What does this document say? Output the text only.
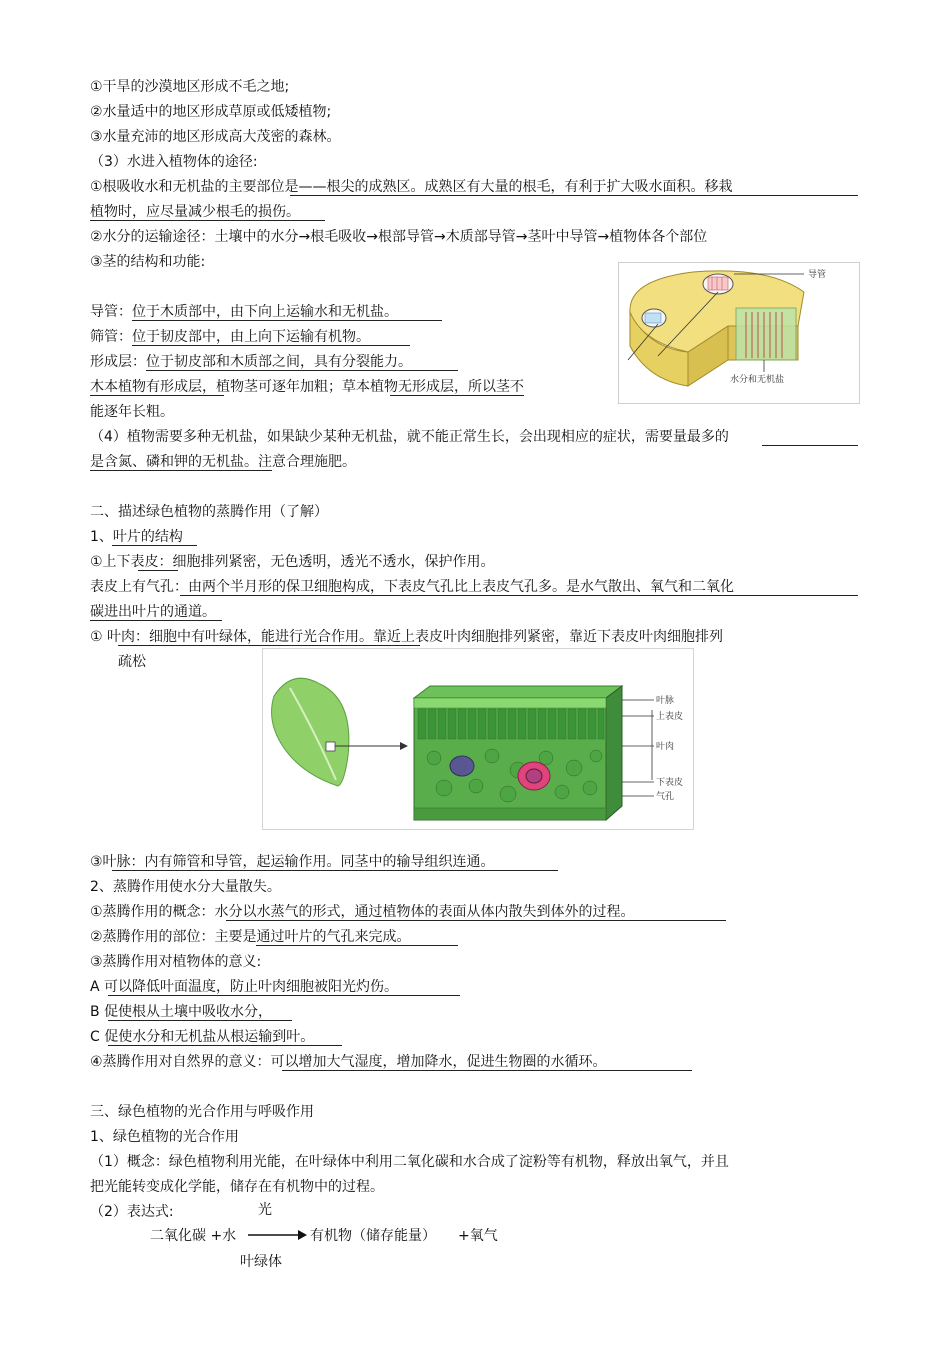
①干旱的沙漠地区形成不毛之地;
②水量适中的地区形成草原或低矮植物;
③水量充沛的地区形成高大茂密的森林。
（3）水进入植物体的途径:
①根吸收水和无机盐的主要部位是——根尖的成熟区。成熟区有大量的根毛，有利于扩大吸水面积。移栽
植物时，应尽量减少根毛的损伤。
②水分的运输途径：土壤中的水分→根毛吸收→根部导管→木质部导管→茎叶中导管→植物体各个部位
③茎的结构和功能:
导管：位于木质部中，由下向上运输水和无机盐。
筛管：位于韧皮部中，由上向下运输有机物。
形成层：位于韧皮部和木质部之间，具有分裂能力。
木本植物有形成层，植物茎可逐年加粗；草本植物无形成层，所以茎不
能逐年长粗。
（4）植物需要多种无机盐，如果缺少某种无机盐，就不能正常生长，会出现相应的症状，需要量最多的
是含氮、磷和钾的无机盐。注意合理施肥。
二、描述绿色植物的蒸腾作用（了解）
1、叶片的结构
①上下表皮：细胞排列紧密，无色透明，透光不透水，保护作用。
表皮上有气孔：由两个半月形的保卫细胞构成，下表皮气孔比上表皮气孔多。是水气散出、氧气和二氧化
碳进出叶片的通道。
① 叶肉：细胞中有叶绿体，能进行光合作用。靠近上表皮叶肉细胞排列紧密，靠近下表皮叶肉细胞排列
疏松
③叶脉：内有筛管和导管，起运输作用。同茎中的输导组织连通。
2、蒸腾作用使水分大量散失。
①蒸腾作用的概念：水分以水蒸气的形式，通过植物体的表面从体内散失到体外的过程。
②蒸腾作用的部位：主要是通过叶片的气孔来完成。
③蒸腾作用对植物体的意义:
A 可以降低叶面温度，防止叶肉细胞被阳光灼伤。
B 促使根从土壤中吸收水分，
C 促使水分和无机盐从根运输到叶。
④蒸腾作用对自然界的意义：可以增加大气湿度，增加降水，促进生物圈的水循环。
三、绿色植物的光合作用与呼吸作用
1、绿色植物的光合作用
（1）概念：绿色植物利用光能，在叶绿体中利用二氧化碳和水合成了淀粉等有机物，释放出氧气，并且
把光能转变成化学能，储存在有机物中的过程。
（2）表达式:	光
二氧化碳 +水	有机物（储存能量） +氧气
叶绿体
导管
水分和无机盐
叶脉
上表皮
叶肉
下表皮
气孔
